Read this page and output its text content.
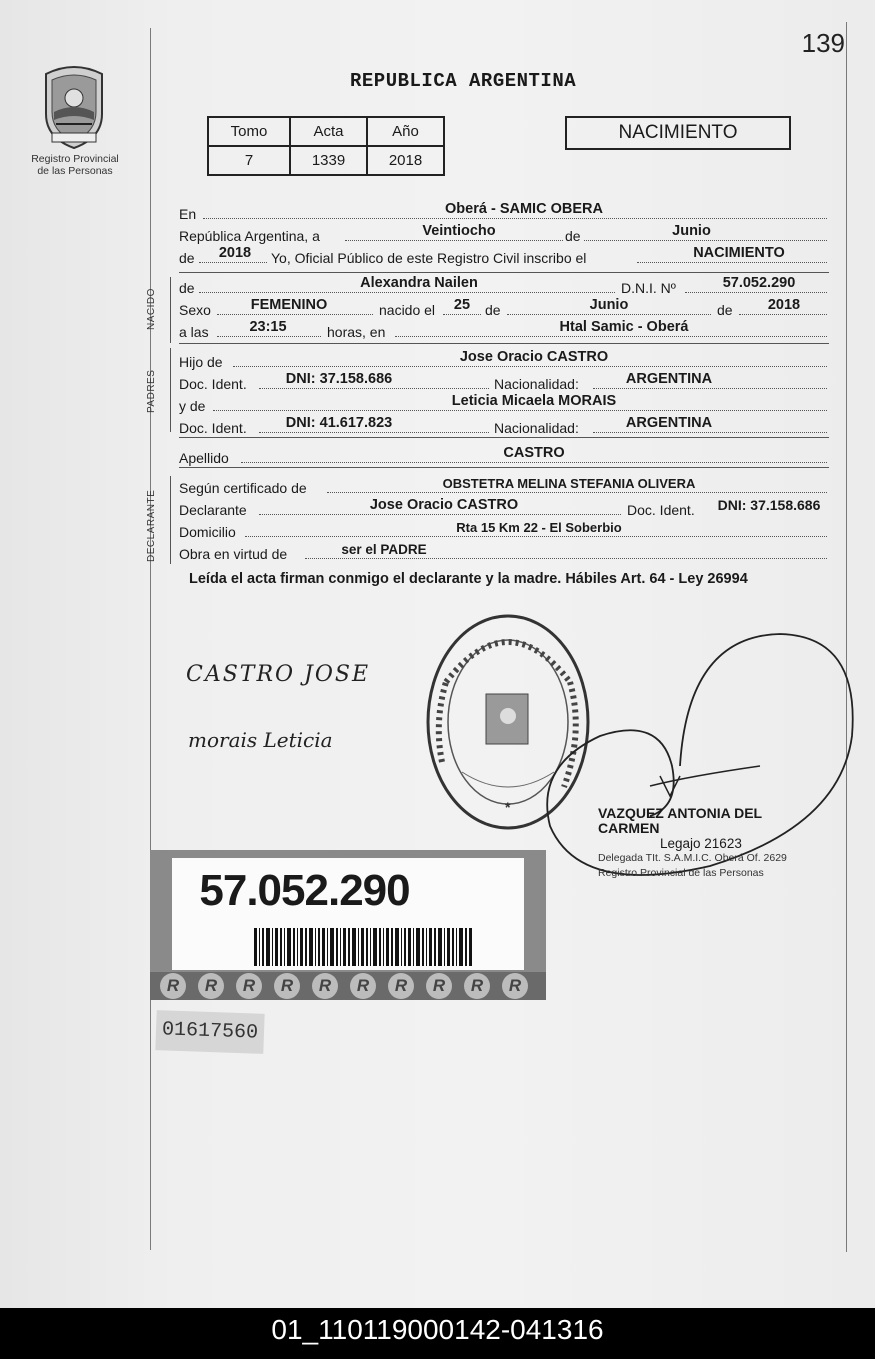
139
Registro Provincial
de las Personas
REPUBLICA ARGENTINA
Tomo	Acta	Año
7	1339	2018
NACIMIENTO
En	Oberá - SAMIC OBERA
República Argentina, a	Veintiocho	de	Junio
de	2018	Yo, Oficial Público de este Registro Civil inscribo el	NACIMIENTO
NACIDO
de	Alexandra Nailen	D.N.I. Nº	57.052.290
Sexo	FEMENINO	nacido el	25	de	Junio	de	2018
a las	23:15	horas, en	Htal Samic - Oberá
PADRES
Hijo de	Jose Oracio CASTRO
Doc. Ident.	DNI: 37.158.686	Nacionalidad:	ARGENTINA
y de	Leticia Micaela MORAIS
Doc. Ident.	DNI: 41.617.823	Nacionalidad:	ARGENTINA
Apellido	CASTRO
DECLARANTE
Según certificado de	OBSTETRA MELINA STEFANIA OLIVERA
Declarante	Jose Oracio CASTRO	Doc. Ident.	DNI: 37.158.686
Domicilio	Rta 15 Km 22 - El Soberbio
Obra en virtud de	ser el PADRE
Leída el acta firman conmigo el declarante y la madre. Hábiles Art. 64 - Ley 26994
CASTRO JOSE
morais Leticia
*	VAZQUEZ ANTONIA DEL CARMEN
Legajo 21623
Delegada TIt. S.A.M.I.C. Oberá Of. 2629
Registro Provincial de las Personas
57.052.290
R	R	R	R	R	R	R	R	R	R
01617560
01_110119000142-041316
